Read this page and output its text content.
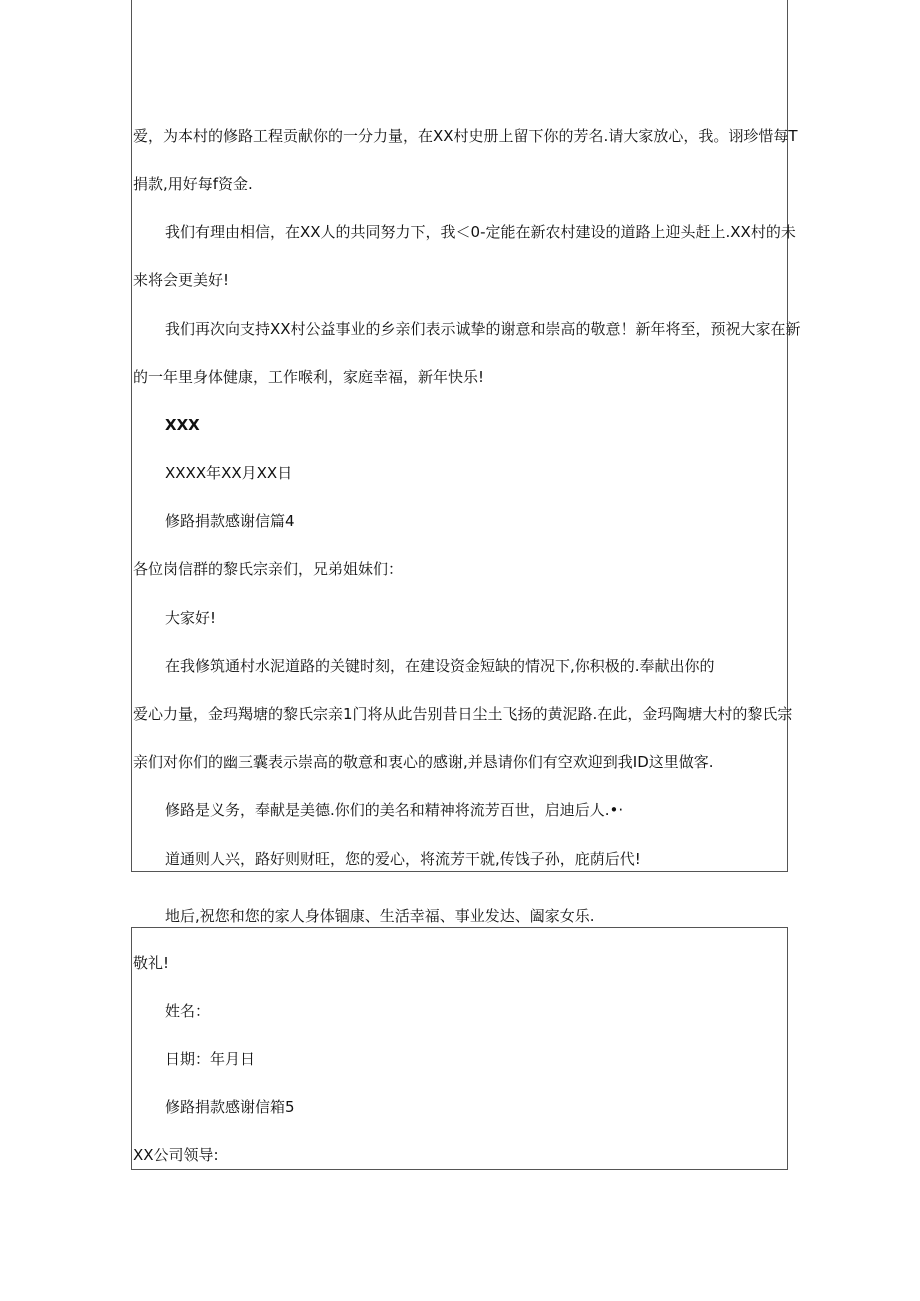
爱，为本村的修路工程贡献你的一分力量，在XX村史册上留下你的芳名.请大家放心，我。诩珍惜每T
捐款,用好每f资金.
我们有理由相信，在XX人的共同努力下，我＜0-定能在新农村建设的道路上迎头赶上.XX村的未
来将会更美好!
我们再次向支持XX村公益事业的乡亲们表示诚挚的谢意和崇高的敬意！新年将至，预祝大家在新
的一年里身体健康，工作喉利，家庭幸福，新年快乐!
XXX
XXXX年XX月XX日
修路捐款感谢信篇4
各位岗信群的黎氏宗亲们，兄弟姐妹们：
大家好!
在我修筑通村水泥道路的关键时刻，在建设资金短缺的情况下,你积极的.奉献出你的
爱心力量，金玛羯塘的黎氏宗亲1门将从此告别昔日尘土飞扬的黄泥路.在此，金玛陶塘大村的黎氏宗
亲们对你们的幽三囊表示崇高的敬意和衷心的感谢,并恳请你们有空欢迎到我ID这里做客.
修路是义务，奉献是美德.你们的美名和精神将流芳百世，启迪后人.•·
道通则人兴，路好则财旺，您的爱心，将流芳干就,传饯子孙，庇荫后代!
地后,祝您和您的家人身体锢康、生活幸福、事业发达、阖家女乐.
敬礼!
姓名：
日期：年月日
修路捐款感谢信箱5
XX公司领导:
